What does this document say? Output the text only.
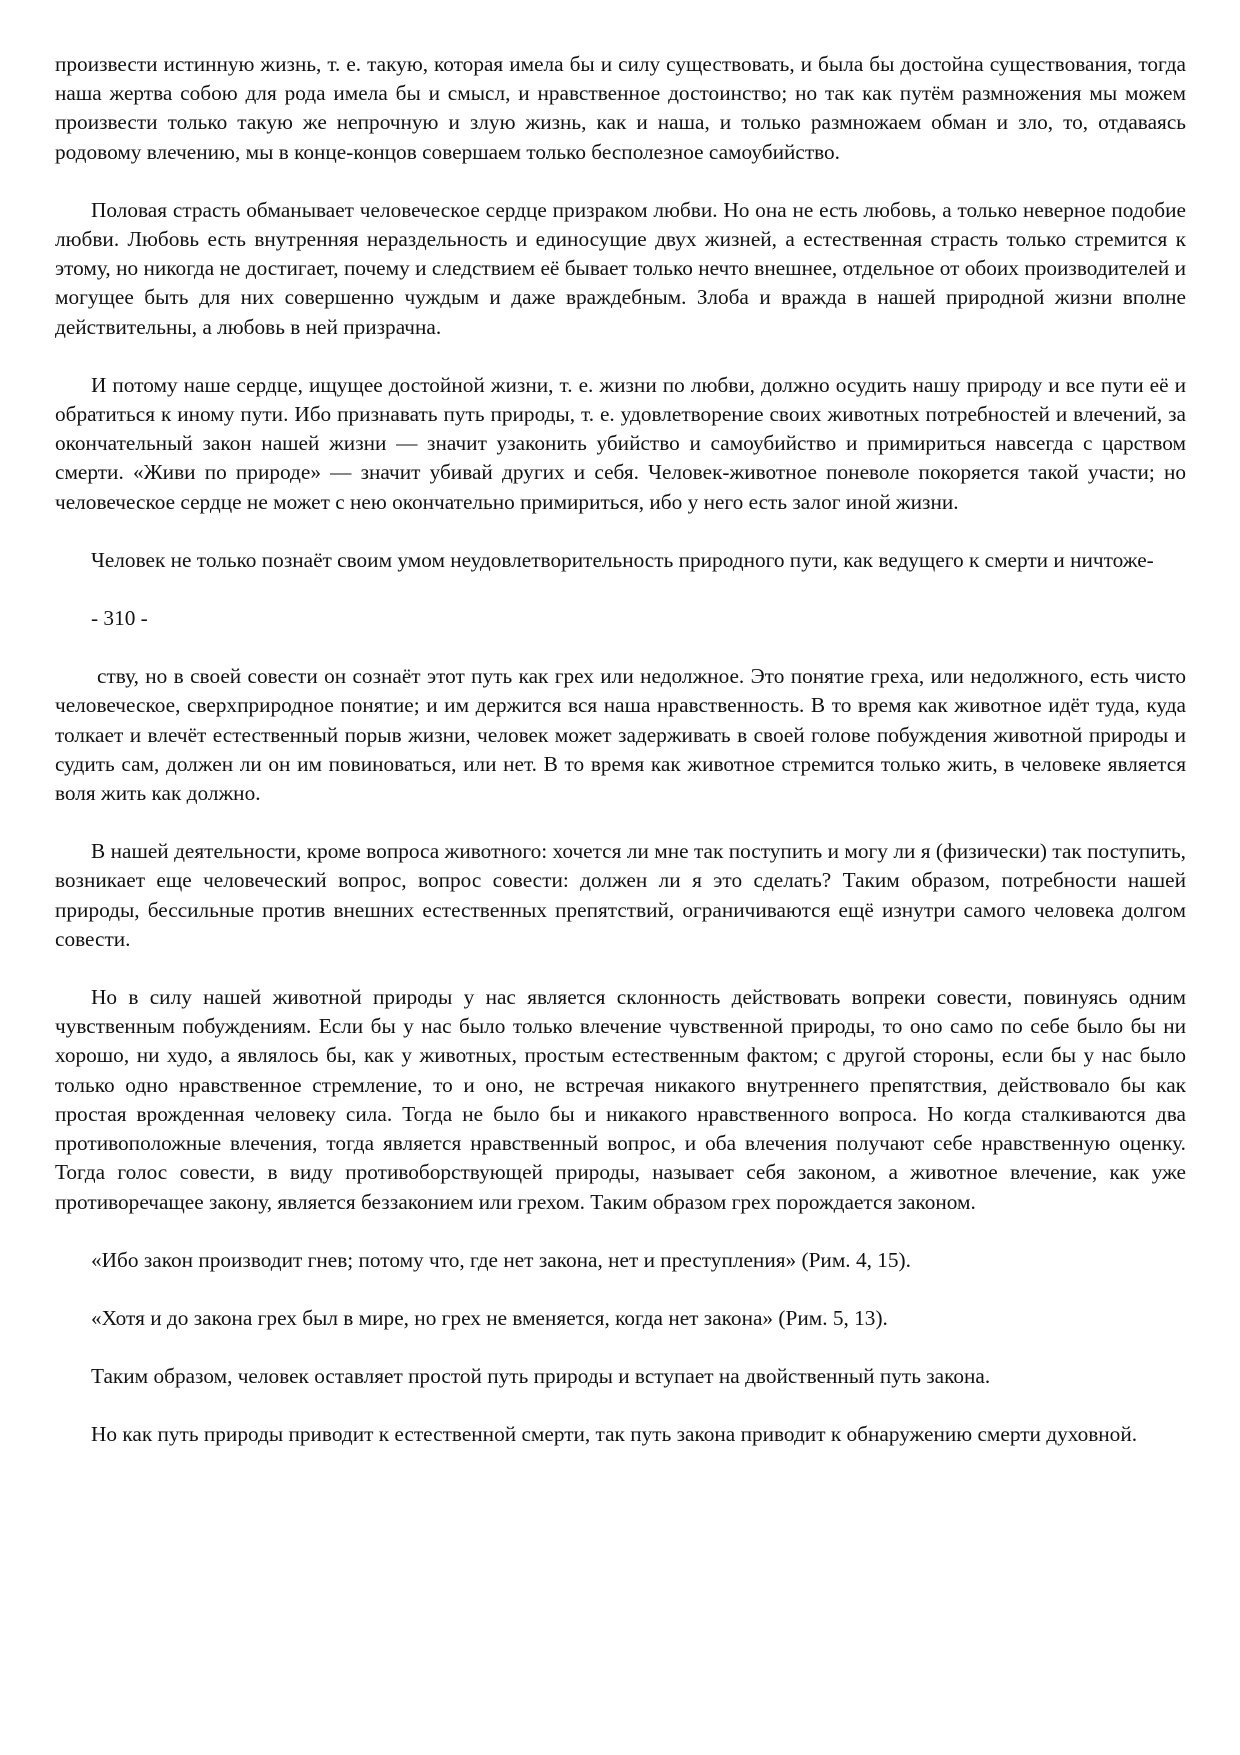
произвести истинную жизнь, т. е. такую, которая имела бы и силу существовать, и была бы достойна существования, тогда наша жертва собою для рода имела бы и смысл, и нравственное достоинство; но так как путём размножения мы можем произвести только такую же непрочную и злую жизнь, как и наша, и только размножаем обман и зло, то, отдаваясь родовому влечению, мы в конце-концов совершаем только бесполезное самоубийство.

Половая страсть обманывает человеческое сердце призраком любви. Но она не есть любовь, а только неверное подобие любви. Любовь есть внутренняя нераздельность и единосущие двух жизней, а естественная страсть только стремится к этому, но никогда не достигает, почему и следствием её бывает только нечто внешнее, отдельное от обоих производителей и могущее быть для них совершенно чуждым и даже враждебным. Злоба и вражда в нашей природной жизни вполне действительны, а любовь в ней призрачна.

И потому наше сердце, ищущее достойной жизни, т. е. жизни по любви, должно осудить нашу природу и все пути её и обратиться к иному пути. Ибо признавать путь природы, т. е. удовлетворение своих животных потребностей и влечений, за окончательный закон нашей жизни — значит узаконить убийство и самоубийство и примириться навсегда с царством смерти. «Живи по природе» — значит убивай других и себя. Человек-животное поневоле покоряется такой участи; но человеческое сердце не может с нею окончательно примириться, ибо у него есть залог иной жизни.

Человек не только познаёт своим умом неудовлетворительность природного пути, как ведущего к смерти и ничтоже-

- 310 -

ству, но в своей совести он сознаёт этот путь как грех или недолжное. Это понятие греха, или недолжного, есть чисто человеческое, сверхприродное понятие; и им держится вся наша нравственность. В то время как животное идёт туда, куда толкает и влечёт естественный порыв жизни, человек может задерживать в своей голове побуждения животной природы и судить сам, должен ли он им повиноваться, или нет. В то время как животное стремится только жить, в человеке является воля жить как должно.

В нашей деятельности, кроме вопроса животного: хочется ли мне так поступить и могу ли я (физически) так поступить, возникает еще человеческий вопрос, вопрос совести: должен ли я это сделать? Таким образом, потребности нашей природы, бессильные против внешних естественных препятствий, ограничиваются ещё изнутри самого человека долгом совести.

Но в силу нашей животной природы у нас является склонность действовать вопреки совести, повинуясь одним чувственным побуждениям. Если бы у нас было только влечение чувственной природы, то оно само по себе было бы ни хорошо, ни худо, а являлось бы, как у животных, простым естественным фактом; с другой стороны, если бы у нас было только одно нравственное стремление, то и оно, не встречая никакого внутреннего препятствия, действовало бы как простая врожденная человеку сила. Тогда не было бы и никакого нравственного вопроса. Но когда сталкиваются два противоположные влечения, тогда является нравственный вопрос, и оба влечения получают себе нравственную оценку. Тогда голос совести, в виду противоборствующей природы, называет себя законом, а животное влечение, как уже противоречащее закону, является беззаконием или грехом. Таким образом грех порождается законом.

«Ибо закон производит гнев; потому что, где нет закона, нет и преступления» (Рим. 4, 15).

«Хотя и до закона грех был в мире, но грех не вменяется, когда нет закона» (Рим. 5, 13).

Таким образом, человек оставляет простой путь природы и вступает на двойственный путь закона.

Но как путь природы приводит к естественной смерти, так путь закона приводит к обнаружению смерти духовной.
